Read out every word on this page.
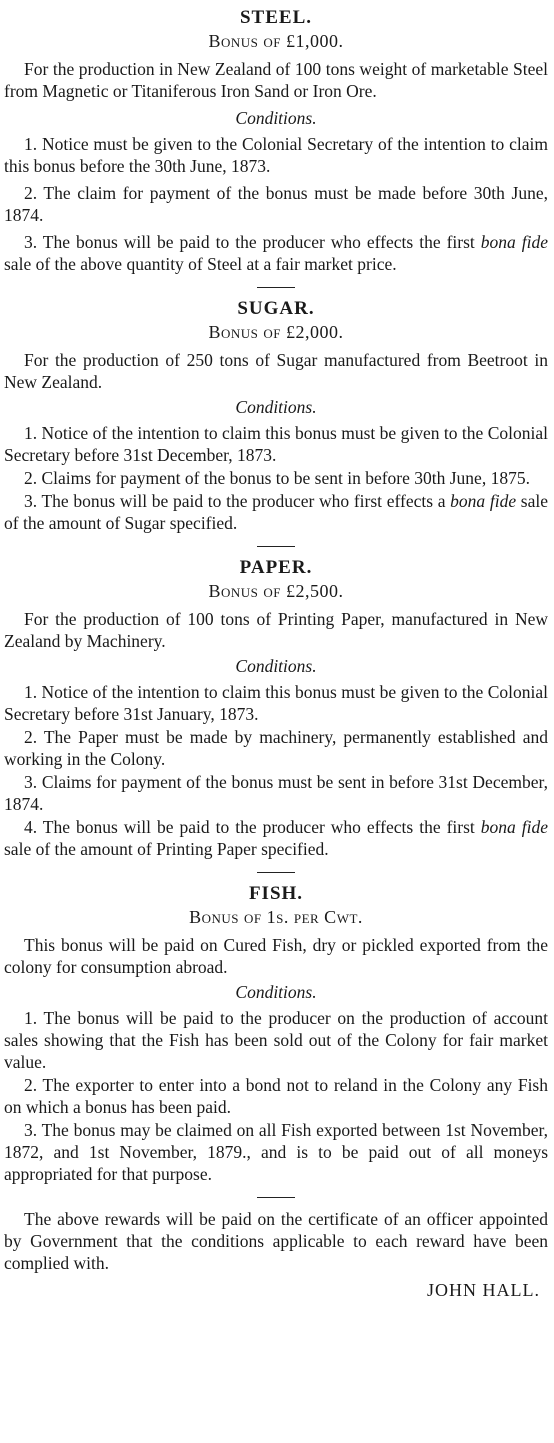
STEEL.
Bonus of £1,000.

For the production in New Zealand of 100 tons weight of marketable Steel from Magnetic or Titaniferous Iron Sand or Iron Ore.

Conditions.

1. Notice must be given to the Colonial Secretary of the intention to claim this bonus before the 30th June, 1873.

2. The claim for payment of the bonus must be made before 30th June, 1874.

3. The bonus will be paid to the producer who effects the first bona fide sale of the above quantity of Steel at a fair market price.

SUGAR.
Bonus of £2,000.

For the production of 250 tons of Sugar manufactured from Beetroot in New Zealand.

Conditions.

1. Notice of the intention to claim this bonus must be given to the Colonial Secretary before 31st December, 1873.

2. Claims for payment of the bonus to be sent in before 30th June, 1875.

3. The bonus will be paid to the producer who first effects a bona fide sale of the amount of Sugar specified.

PAPER.
Bonus of £2,500.

For the production of 100 tons of Printing Paper, manufactured in New Zealand by Machinery.

Conditions.

1. Notice of the intention to claim this bonus must be given to the Colonial Secretary before 31st January, 1873.

2. The Paper must be made by machinery, permanently established and working in the Colony.

3. Claims for payment of the bonus must be sent in before 31st December, 1874.

4. The bonus will be paid to the producer who effects the first bona fide sale of the amount of Printing Paper specified.

FISH.
Bonus of 1s. per Cwt.

This bonus will be paid on Cured Fish, dry or pickled exported from the colony for consumption abroad.

Conditions.

1. The bonus will be paid to the producer on the production of account sales showing that the Fish has been sold out of the Colony for fair market value.

2. The exporter to enter into a bond not to reland in the Colony any Fish on which a bonus has been paid.

3. The bonus may be claimed on all Fish exported between 1st November, 1872, and 1st November, 1879., and is to be paid out of all moneys appropriated for that purpose.

The above rewards will be paid on the certificate of an officer appointed by Government that the conditions applicable to each reward have been complied with.

JOHN HALL.
